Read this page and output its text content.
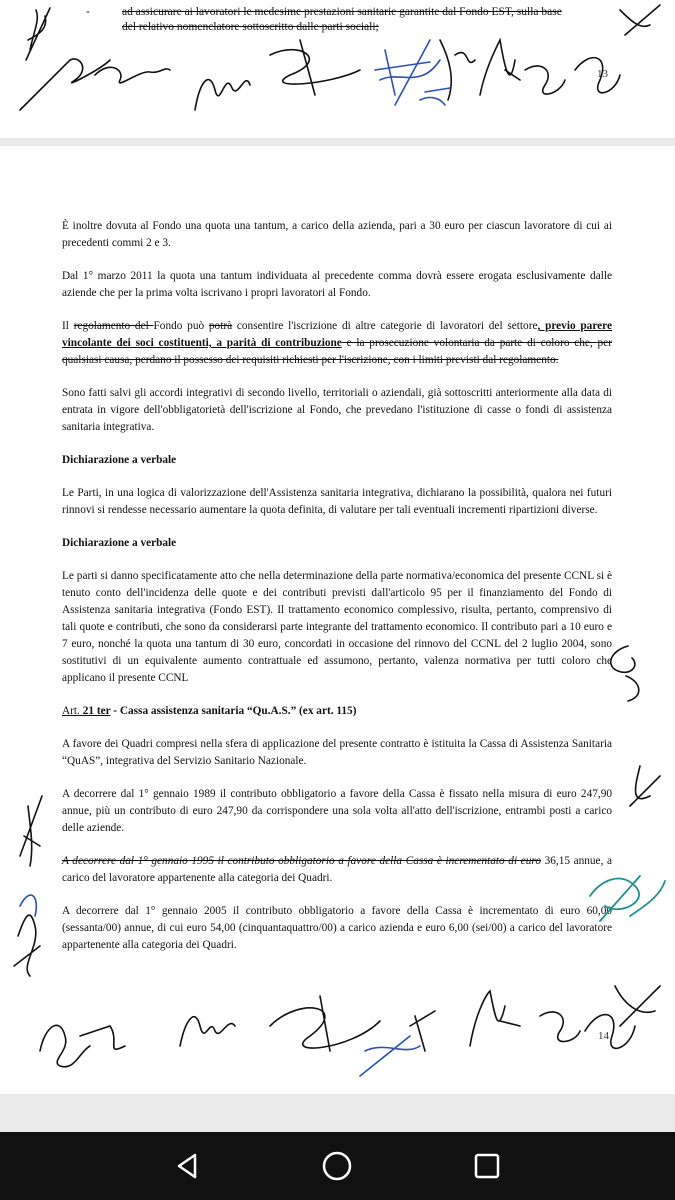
-	ad assicurare ai lavoratori le medesime prestazioni sanitarie garantite dal Fondo EST, sulla base
del relativo nomenclatore sottoscritto dalle parti sociali;
13

È inoltre dovuta al Fondo una quota una tantum, a carico della azienda, pari a 30 euro per ciascun lavoratore di cui ai precedenti commi 2 e 3.

Dal 1° marzo 2011 la quota una tantum individuata al precedente comma dovrà essere erogata esclusivamente dalle aziende che per la prima volta iscrivano i propri lavoratori al Fondo.

Il regolamento del Fondo può potrà consentire l'iscrizione di altre categorie di lavoratori del settore, previo parere vincolante dei soci costituenti, a parità di contribuzione e la prosecuzione volontaria da parte di coloro che, per qualsiasi causa, perdano il possesso dei requisiti richiesti per l'iscrizione, con i limiti previsti dal regolamento.

Sono fatti salvi gli accordi integrativi di secondo livello, territoriali o aziendali, già sottoscritti anteriormente alla data di entrata in vigore dell'obbligatorietà dell'iscrizione al Fondo, che prevedano l'istituzione di casse o fondi di assistenza sanitaria integrativa.

Dichiarazione a verbale

Le Parti, in una logica di valorizzazione dell'Assistenza sanitaria integrativa, dichiarano la possibilità, qualora nei futuri rinnovi si rendesse necessario aumentare la quota definita, di valutare per tali eventuali incrementi ripartizioni diverse.

Dichiarazione a verbale

Le parti si danno specificatamente atto che nella determinazione della parte normativa/economica del presente CCNL si è tenuto conto dell'incidenza delle quote e dei contributi previsti dall'articolo 95 per il finanziamento del Fondo di Assistenza sanitaria integrativa (Fondo EST). Il trattamento economico complessivo, risulta, pertanto, comprensivo di tali quote e contributi, che sono da considerarsi parte integrante del trattamento economico. Il contributo pari a 10 euro e 7 euro, nonché la quota una tantum di 30 euro, concordati in occasione del rinnovo del CCNL del 2 luglio 2004, sono sostitutivi di un equivalente aumento contrattuale ed assumono, pertanto, valenza normativa per tutti coloro che applicano il presente CCNL

Art. 21 ter - Cassa assistenza sanitaria “Qu.A.S.” (ex art. 115)

A favore dei Quadri compresi nella sfera di applicazione del presente contratto è istituita la Cassa di Assistenza Sanitaria “QuAS”, integrativa del Servizio Sanitario Nazionale.

A decorrere dal 1° gennaio 1989 il contributo obbligatorio a favore della Cassa è fissato nella misura di euro 247,90 annue, più un contributo di euro 247,90 da corrispondere una sola volta all'atto dell'iscrizione, entrambi posti a carico delle aziende.

A decorrere dal 1° gennaio 1995 il contributo obbligatorio a favore della Cassa è incrementato di euro 36,15 annue, a carico del lavoratore appartenente alla categoria dei Quadri.

A decorrere dal 1° gennaio 2005 il contributo obbligatorio a favore della Cassa è incrementato di euro 60,00 (sessanta/00) annue, di cui euro 54,00 (cinquantaquattro/00) a carico azienda e euro 6,00 (sei/00) a carico del lavoratore appartenente alla categoria dei Quadri.

14
